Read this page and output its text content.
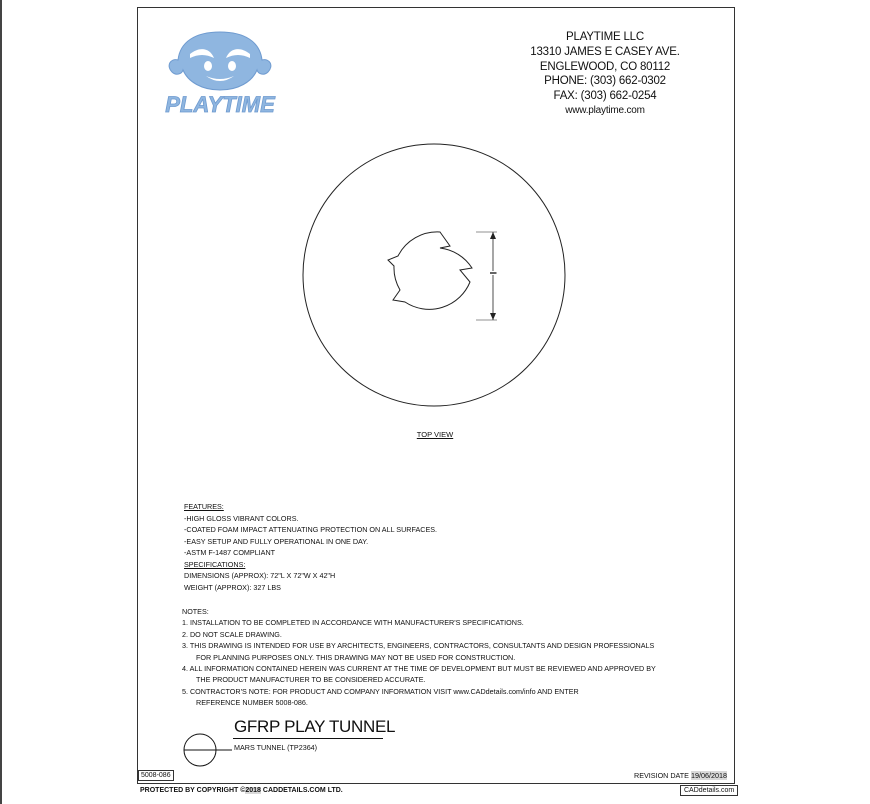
PLAYTIME
PLAYTIME LLC
13310 JAMES E CASEY AVE.
ENGLEWOOD, CO 80112
PHONE: (303) 662-0302
FAX: (303) 662-0254
www.playtime.com
I
TOP VIEW
FEATURES:
-HIGH GLOSS VIBRANT COLORS.
-COATED FOAM IMPACT ATTENUATING PROTECTION ON ALL SURFACES.
-EASY SETUP AND FULLY OPERATIONAL IN ONE DAY.
-ASTM F-1487 COMPLIANT
SPECIFICATIONS:
DIMENSIONS (APPROX): 72"L X 72"W X 42"H
WEIGHT (APPROX): 327 LBS
NOTES:
1. INSTALLATION TO BE COMPLETED IN ACCORDANCE WITH MANUFACTURER'S SPECIFICATIONS.
2. DO NOT SCALE DRAWING.
3. THIS DRAWING IS INTENDED FOR USE BY ARCHITECTS, ENGINEERS, CONTRACTORS, CONSULTANTS AND DESIGN PROFESSIONALS
FOR PLANNING PURPOSES ONLY. THIS DRAWING MAY NOT BE USED FOR CONSTRUCTION.
4. ALL INFORMATION CONTAINED HEREIN WAS CURRENT AT THE TIME OF DEVELOPMENT BUT MUST BE REVIEWED AND APPROVED BY
THE PRODUCT MANUFACTURER TO BE CONSIDERED ACCURATE.
5. CONTRACTOR'S NOTE: FOR PRODUCT AND COMPANY INFORMATION VISIT www.CADdetails.com/info AND ENTER
REFERENCE NUMBER 5008-086.
GFRP PLAY TUNNEL
MARS TUNNEL (TP2364)
5008-086	REVISION DATE 19/06/2018
PROTECTED BY COPYRIGHT ©2018 CADDETAILS.COM LTD.	CADdetails.com
